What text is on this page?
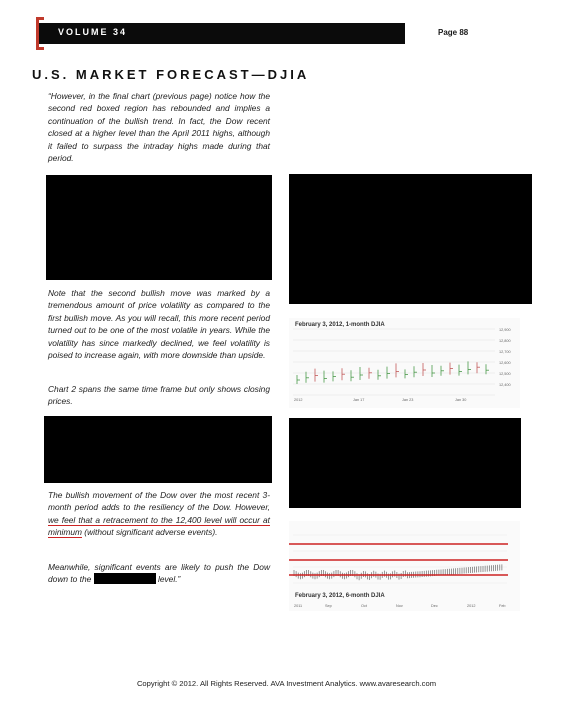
VOLUME 34	Page 88
U.S. MARKET FORECAST—DJIA
“However, in the final chart (previous page) notice how the second red boxed region has rebounded and implies a continuation of the bullish trend. In fact, the Dow recent closed at a higher level than the April 2011 highs, although it failed to surpass the intraday highs made during that period.
Note that the second bullish move was marked by a tremendous amount of price volatility as compared to the first bullish move. As you will recall, this more recent period turned out to be one of the most volatile in years. While the volatility has since markedly declined, we feel volatility is poised to increase again, with more downside than upside.
Chart 2 spans the same time frame but only shows closing prices.
The bullish movement of the Dow over the most recent 3-month period adds to the resiliency of the Dow. However, we feel that a retracement to the 12,400 level will occur at minimum (without significant adverse events).
Meanwhile, significant events are likely to push the Dow down to the	level.”
February 3, 2012, 1-month DJIA
12,900
12,800
12,700
12,600
12,500
12,400
2012	Jan 17	Jan 23	Jan 30
February 3, 2012, 6-month DJIA
2011	Sep	Oct	Nov	Dec	2012	Feb
Copyright © 2012. All Rights Reserved. AVA Investment Analytics. www.avaresearch.com
